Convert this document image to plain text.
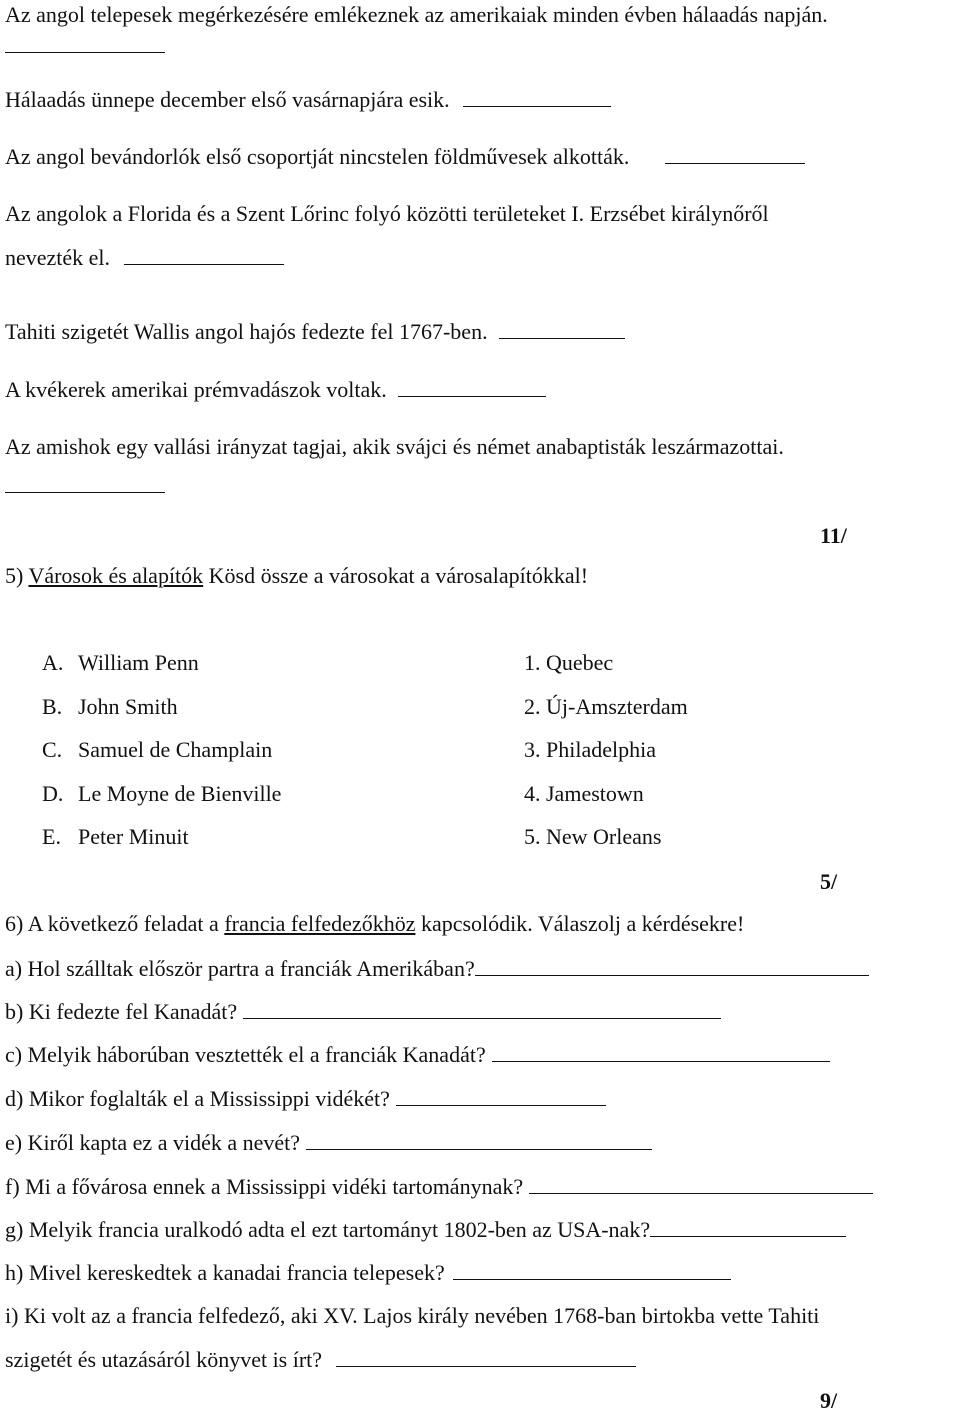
Az angol telepesek megérkezésére emlékeznek az amerikaiak minden évben hálaadás napján.
Hálaadás ünnepe december első vasárnapjára esik.
Az angol bevándorlók első csoportját nincstelen földművesek alkották.
Az angolok a Florida és a Szent Lőrinc folyó közötti területeket I. Erzsébet királynőről
nevezték el.
Tahiti szigetét Wallis angol hajós fedezte fel 1767-ben.
A kvékerek amerikai prémvadászok voltak.
Az amishok egy vallási irányzat tagjai, akik svájci és német anabaptisták leszármazottai.
11/
5) Városok és alapítók Kösd össze a városokat a városalapítókkal!
A. William Penn
B. John Smith
C. Samuel de Champlain
D. Le Moyne de Bienville
E. Peter Minuit
1. Quebec
2. Új-Amszterdam
3. Philadelphia
4. Jamestown
5. New Orleans
5/
6) A következő feladat a francia felfedezőkhöz kapcsolódik. Válaszolj a kérdésekre!
a) Hol szálltak először partra a franciák Amerikában?
b) Ki fedezte fel Kanadát?
c) Melyik háborúban vesztették el a franciák Kanadát?
d) Mikor foglalták el a Mississippi vidékét?
e) Kiről kapta ez a vidék a nevét?
f) Mi a fővárosa ennek a Mississippi vidéki tartománynak?
g) Melyik francia uralkodó adta el ezt tartományt 1802-ben az USA-nak?
h) Mivel kereskedtek a kanadai francia telepesek?
i) Ki volt az a francia felfedező, aki XV. Lajos király nevében 1768-ban birtokba vette Tahiti
szigetét és utazásáról könyvet is írt?
9/
